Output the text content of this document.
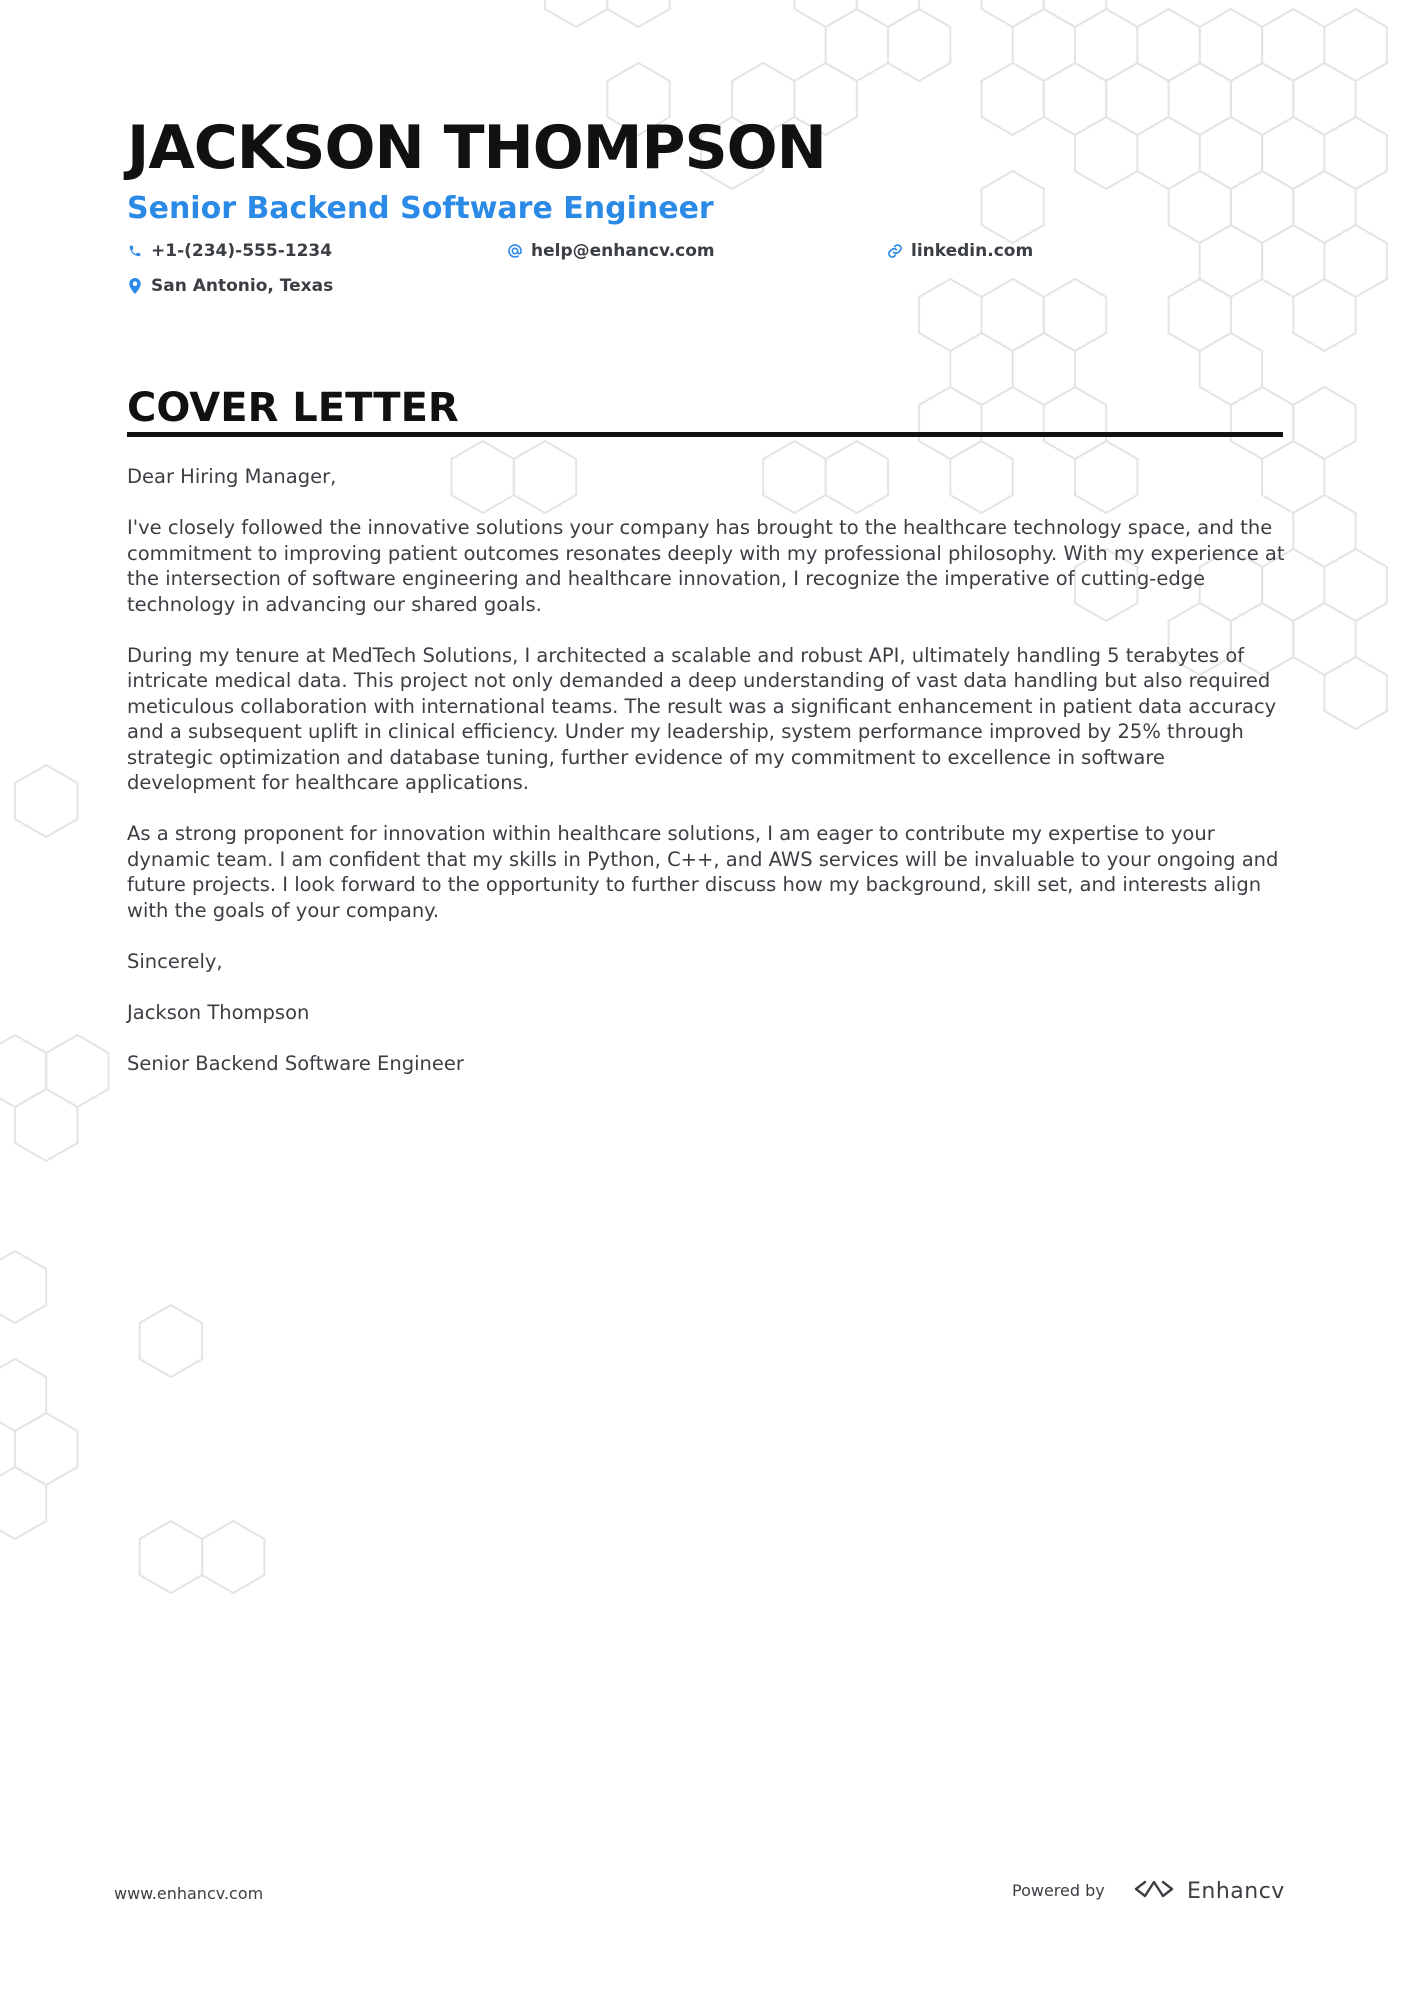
JACKSON THOMPSON
Senior Backend Software Engineer
+1-(234)-555-1234	help@enhancv.com	linkedin.com
San Antonio, Texas
COVER LETTER

Dear Hiring Manager,

I've closely followed the innovative solutions your company has brought to the healthcare technology space, and the commitment to improving patient outcomes resonates deeply with my professional philosophy. With my experience at the intersection of software engineering and healthcare innovation, I recognize the imperative of cutting-edge technology in advancing our shared goals.

During my tenure at MedTech Solutions, I architected a scalable and robust API, ultimately handling 5 terabytes of intricate medical data. This project not only demanded a deep understanding of vast data handling but also required meticulous collaboration with international teams. The result was a significant enhancement in patient data accuracy and a subsequent uplift in clinical efficiency. Under my leadership, system performance improved by 25% through strategic optimization and database tuning, further evidence of my commitment to excellence in software development for healthcare applications.

As a strong proponent for innovation within healthcare solutions, I am eager to contribute my expertise to your dynamic team. I am confident that my skills in Python, C++, and AWS services will be invaluable to your ongoing and future projects. I look forward to the opportunity to further discuss how my background, skill set, and interests align with the goals of your company.

Sincerely,

Jackson Thompson

Senior Backend Software Engineer

www.enhancv.com	Powered by	Enhancv
